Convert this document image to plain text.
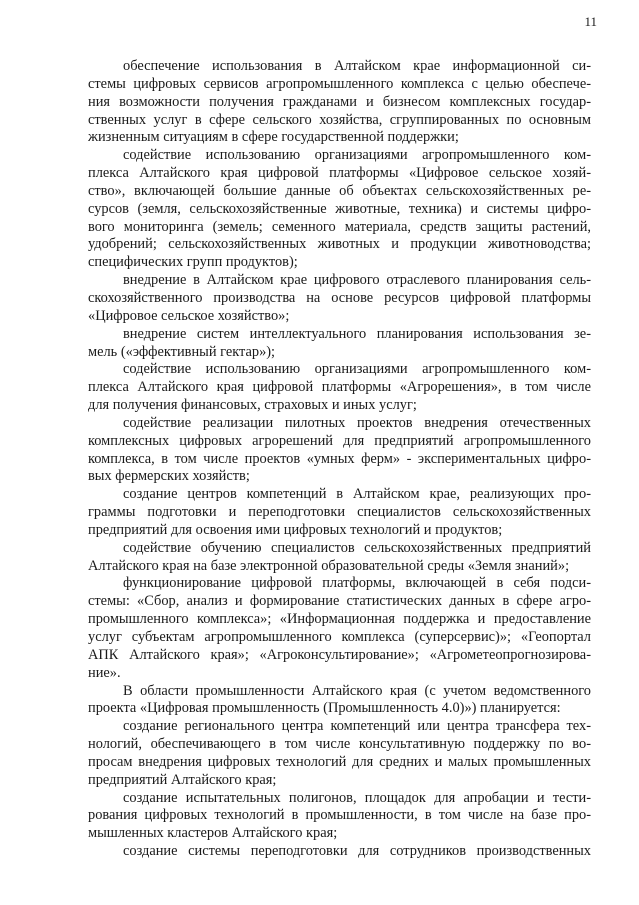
11
обеспечение использования в Алтайском крае информационной си-
стемы цифровых сервисов агропромышленного комплекса с целью обеспече-
ния возможности получения гражданами и бизнесом комплексных государ-
ственных услуг в сфере сельского хозяйства, сгруппированных по основным
жизненным ситуациям в сфере государственной поддержки;
содействие использованию организациями агропромышленного ком-
плекса Алтайского края цифровой платформы «Цифровое сельское хозяй-
ство», включающей большие данные об объектах сельскохозяйственных ре-
сурсов (земля, сельскохозяйственные животные, техника) и системы цифро-
вого мониторинга (земель; семенного материала, средств защиты растений,
удобрений; сельскохозяйственных животных и продукции животноводства;
специфических групп продуктов);
внедрение в Алтайском крае цифрового отраслевого планирования сель-
скохозяйственного производства на основе ресурсов цифровой платформы
«Цифровое сельское хозяйство»;
внедрение систем интеллектуального планирования использования зе-
мель («эффективный гектар»);
содействие использованию организациями агропромышленного ком-
плекса Алтайского края цифровой платформы «Агрорешения», в том числе
для получения финансовых, страховых и иных услуг;
содействие реализации пилотных проектов внедрения отечественных
комплексных цифровых агрорешений для предприятий агропромышленного
комплекса, в том числе проектов «умных ферм» - экспериментальных цифро-
вых фермерских хозяйств;
создание центров компетенций в Алтайском крае, реализующих про-
граммы подготовки и переподготовки специалистов сельскохозяйственных
предприятий для освоения ими цифровых технологий и продуктов;
содействие обучению специалистов сельскохозяйственных предприятий
Алтайского края на базе электронной образовательной среды «Земля знаний»;
функционирование цифровой платформы, включающей в себя подси-
стемы: «Сбор, анализ и формирование статистических данных в сфере агро-
промышленного комплекса»; «Информационная поддержка и предоставление
услуг субъектам агропромышленного комплекса (суперсервис)»; «Геопортал
АПК Алтайского края»; «Агроконсультирование»; «Агрометеопрогнозирова-
ние».
В области промышленности Алтайского края (с учетом ведомственного
проекта «Цифровая промышленность (Промышленность 4.0)») планируется:
создание регионального центра компетенций или центра трансфера тех-
нологий, обеспечивающего в том числе консультативную поддержку по во-
просам внедрения цифровых технологий для средних и малых промышленных
предприятий Алтайского края;
создание испытательных полигонов, площадок для апробации и тести-
рования цифровых технологий в промышленности, в том числе на базе про-
мышленных кластеров Алтайского края;
создание системы переподготовки для сотрудников производственных
